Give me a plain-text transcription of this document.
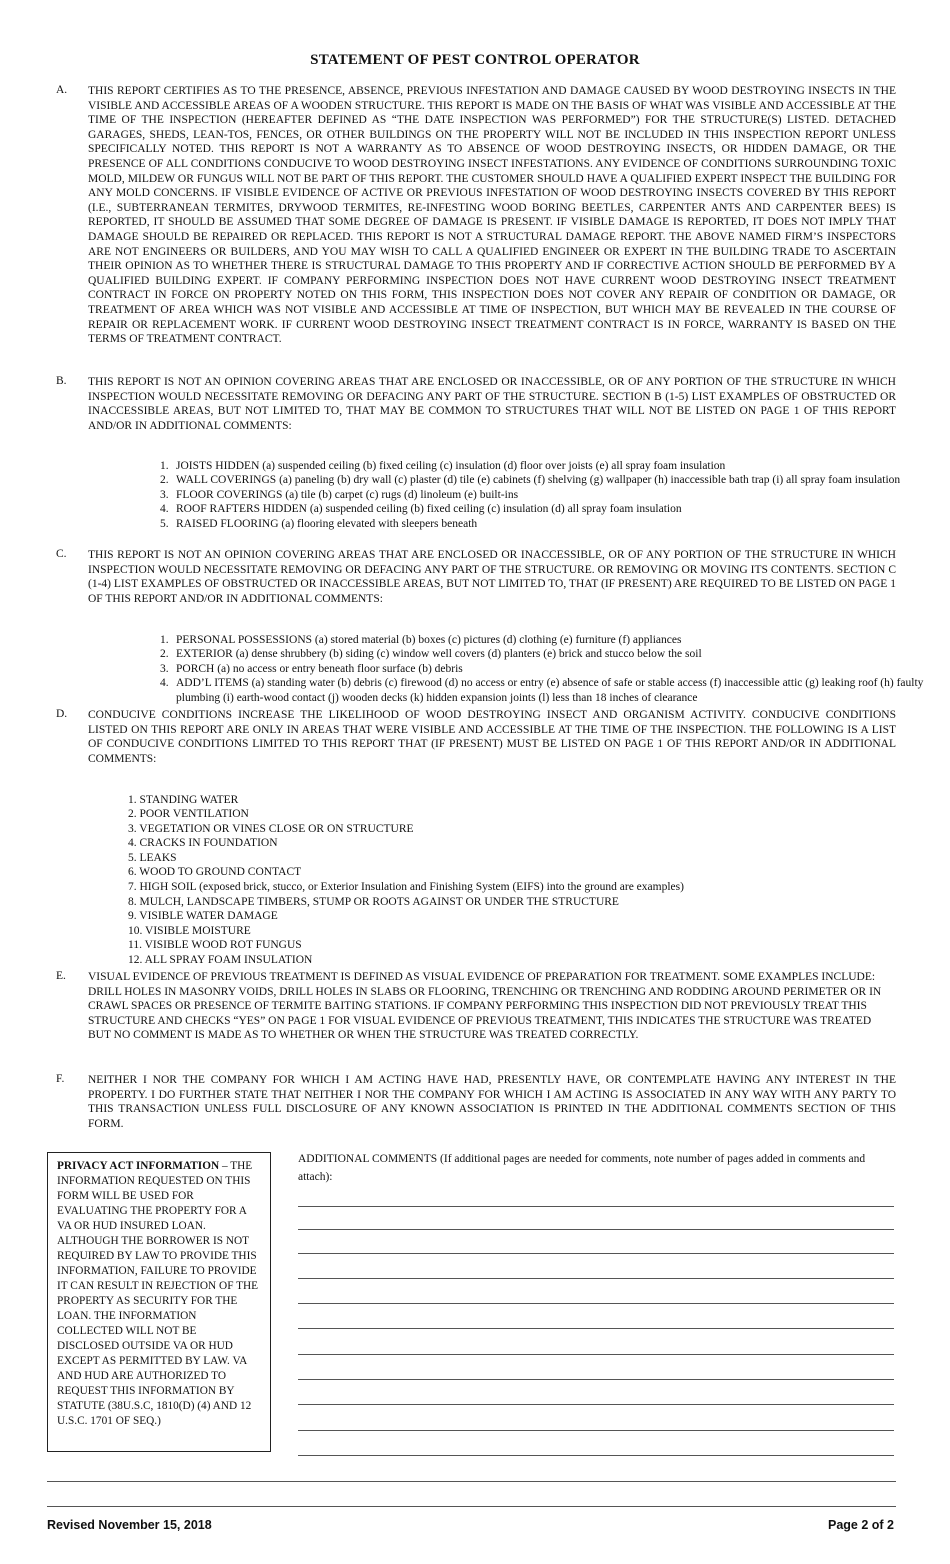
STATEMENT OF PEST CONTROL OPERATOR
A. THIS REPORT CERTIFIES AS TO THE PRESENCE, ABSENCE, PREVIOUS INFESTATION AND DAMAGE CAUSED BY WOOD DESTROYING INSECTS IN THE VISIBLE AND ACCESSIBLE AREAS OF A WOODEN STRUCTURE. THIS REPORT IS MADE ON THE BASIS OF WHAT WAS VISIBLE AND ACCESSIBLE AT THE TIME OF THE INSPECTION (HEREAFTER DEFINED AS “THE DATE INSPECTION WAS PERFORMED”) FOR THE STRUCTURE(S) LISTED. DETACHED GARAGES, SHEDS, LEAN-TOS, FENCES, OR OTHER BUILDINGS ON THE PROPERTY WILL NOT BE INCLUDED IN THIS INSPECTION REPORT UNLESS SPECIFICALLY NOTED. THIS REPORT IS NOT A WARRANTY AS TO ABSENCE OF WOOD DESTROYING INSECTS, OR HIDDEN DAMAGE, OR THE PRESENCE OF ALL CONDITIONS CONDUCIVE TO WOOD DESTROYING INSECT INFESTATIONS. ANY EVIDENCE OF CONDITIONS SURROUNDING TOXIC MOLD, MILDEW OR FUNGUS WILL NOT BE PART OF THIS REPORT. THE CUSTOMER SHOULD HAVE A QUALIFIED EXPERT INSPECT THE BUILDING FOR ANY MOLD CONCERNS. IF VISIBLE EVIDENCE OF ACTIVE OR PREVIOUS INFESTATION OF WOOD DESTROYING INSECTS COVERED BY THIS REPORT (I.E., SUBTERRANEAN TERMITES, DRYWOOD TERMITES, RE-INFESTING WOOD BORING BEETLES, CARPENTER ANTS AND CARPENTER BEES) IS REPORTED, IT SHOULD BE ASSUMED THAT SOME DEGREE OF DAMAGE IS PRESENT. IF VISIBLE DAMAGE IS REPORTED, IT DOES NOT IMPLY THAT DAMAGE SHOULD BE REPAIRED OR REPLACED. THIS REPORT IS NOT A STRUCTURAL DAMAGE REPORT. THE ABOVE NAMED FIRM’S INSPECTORS ARE NOT ENGINEERS OR BUILDERS, AND YOU MAY WISH TO CALL A QUALIFIED ENGINEER OR EXPERT IN THE BUILDING TRADE TO ASCERTAIN THEIR OPINION AS TO WHETHER THERE IS STRUCTURAL DAMAGE TO THIS PROPERTY AND IF CORRECTIVE ACTION SHOULD BE PERFORMED BY A QUALIFIED BUILDING EXPERT. IF COMPANY PERFORMING INSPECTION DOES NOT HAVE CURRENT WOOD DESTROYING INSECT TREATMENT CONTRACT IN FORCE ON PROPERTY NOTED ON THIS FORM, THIS INSPECTION DOES NOT COVER ANY REPAIR OF CONDITION OR DAMAGE, OR TREATMENT OF AREA WHICH WAS NOT VISIBLE AND ACCESSIBLE AT TIME OF INSPECTION, BUT WHICH MAY BE REVEALED IN THE COURSE OF REPAIR OR REPLACEMENT WORK. IF CURRENT WOOD DESTROYING INSECT TREATMENT CONTRACT IS IN FORCE, WARRANTY IS BASED ON THE TERMS OF TREATMENT CONTRACT.
B. THIS REPORT IS NOT AN OPINION COVERING AREAS THAT ARE ENCLOSED OR INACCESSIBLE, OR OF ANY PORTION OF THE STRUCTURE IN WHICH INSPECTION WOULD NECESSITATE REMOVING OR DEFACING ANY PART OF THE STRUCTURE. SECTION B (1-5) LIST EXAMPLES OF OBSTRUCTED OR INACCESSIBLE AREAS, BUT NOT LIMITED TO, THAT MAY BE COMMON TO STRUCTURES THAT WILL NOT BE LISTED ON PAGE 1 OF THIS REPORT AND/OR IN ADDITIONAL COMMENTS:
1. JOISTS HIDDEN (a) suspended ceiling (b) fixed ceiling (c) insulation (d) floor over joists (e) all spray foam insulation
2. WALL COVERINGS (a) paneling (b) dry wall (c) plaster (d) tile (e) cabinets (f) shelving (g) wallpaper (h) inaccessible bath trap (i) all spray foam insulation
3. FLOOR COVERINGS (a) tile (b) carpet (c) rugs (d) linoleum (e) built-ins
4. ROOF RAFTERS HIDDEN (a) suspended ceiling (b) fixed ceiling (c) insulation (d) all spray foam insulation
5. RAISED FLOORING (a) flooring elevated with sleepers beneath
C. THIS REPORT IS NOT AN OPINION COVERING AREAS THAT ARE ENCLOSED OR INACCESSIBLE, OR OF ANY PORTION OF THE STRUCTURE IN WHICH INSPECTION WOULD NECESSITATE REMOVING OR DEFACING ANY PART OF THE STRUCTURE. OR REMOVING OR MOVING ITS CONTENTS. SECTION C (1-4) LIST EXAMPLES OF OBSTRUCTED OR INACCESSIBLE AREAS, BUT NOT LIMITED TO, THAT (IF PRESENT) ARE REQUIRED TO BE LISTED ON PAGE 1 OF THIS REPORT AND/OR IN ADDITIONAL COMMENTS:
1. PERSONAL POSSESSIONS (a) stored material (b) boxes (c) pictures (d) clothing (e) furniture (f) appliances
2. EXTERIOR (a) dense shrubbery (b) siding (c) window well covers (d) planters (e) brick and stucco below the soil
3. PORCH (a) no access or entry beneath floor surface (b) debris
4. ADD’L ITEMS (a) standing water (b) debris (c) firewood (d) no access or entry (e) absence of safe or stable access (f) inaccessible attic (g) leaking roof (h) faulty plumbing (i) earth-wood contact (j) wooden decks (k) hidden expansion joints (l) less than 18 inches of clearance
D. CONDUCIVE CONDITIONS INCREASE THE LIKELIHOOD OF WOOD DESTROYING INSECT AND ORGANISM ACTIVITY. CONDUCIVE CONDITIONS LISTED ON THIS REPORT ARE ONLY IN AREAS THAT WERE VISIBLE AND ACCESSIBLE AT THE TIME OF THE INSPECTION. THE FOLLOWING IS A LIST OF CONDUCIVE CONDITIONS LIMITED TO THIS REPORT THAT (IF PRESENT) MUST BE LISTED ON PAGE 1 OF THIS REPORT AND/OR IN ADDITIONAL COMMENTS:
1. STANDING WATER
2. POOR VENTILATION
3. VEGETATION OR VINES CLOSE OR ON STRUCTURE
4. CRACKS IN FOUNDATION
5. LEAKS
6. WOOD TO GROUND CONTACT
7. HIGH SOIL (exposed brick, stucco, or Exterior Insulation and Finishing System (EIFS) into the ground are examples)
8. MULCH, LANDSCAPE TIMBERS, STUMP OR ROOTS AGAINST OR UNDER THE STRUCTURE
9. VISIBLE WATER DAMAGE
10. VISIBLE MOISTURE
11. VISIBLE WOOD ROT FUNGUS
12. ALL SPRAY FOAM INSULATION
E. VISUAL EVIDENCE OF PREVIOUS TREATMENT IS DEFINED AS VISUAL EVIDENCE OF PREPARATION FOR TREATMENT. SOME EXAMPLES INCLUDE: DRILL HOLES IN MASONRY VOIDS, DRILL HOLES IN SLABS OR FLOORING, TRENCHING OR TRENCHING AND RODDING AROUND PERIMETER OR IN CRAWL SPACES OR PRESENCE OF TERMITE BAITING STATIONS. IF COMPANY PERFORMING THIS INSPECTION DID NOT PREVIOUSLY TREAT THIS STRUCTURE AND CHECKS “YES” ON PAGE 1 FOR VISUAL EVIDENCE OF PREVIOUS TREATMENT, THIS INDICATES THE STRUCTURE WAS TREATED BUT NO COMMENT IS MADE AS TO WHETHER OR WHEN THE STRUCTURE WAS TREATED CORRECTLY.
F. NEITHER I NOR THE COMPANY FOR WHICH I AM ACTING HAVE HAD, PRESENTLY HAVE, OR CONTEMPLATE HAVING ANY INTEREST IN THE PROPERTY. I DO FURTHER STATE THAT NEITHER I NOR THE COMPANY FOR WHICH I AM ACTING IS ASSOCIATED IN ANY WAY WITH ANY PARTY TO THIS TRANSACTION UNLESS FULL DISCLOSURE OF ANY KNOWN ASSOCIATION IS PRINTED IN THE ADDITIONAL COMMENTS SECTION OF THIS FORM.
PRIVACY ACT INFORMATION – THE INFORMATION REQUESTED ON THIS FORM WILL BE USED FOR EVALUATING THE PROPERTY FOR A VA OR HUD INSURED LOAN. ALTHOUGH THE BORROWER IS NOT REQUIRED BY LAW TO PROVIDE THIS INFORMATION, FAILURE TO PROVIDE IT CAN RESULT IN REJECTION OF THE PROPERTY AS SECURITY FOR THE LOAN. THE INFORMATION COLLECTED WILL NOT BE DISCLOSED OUTSIDE VA OR HUD EXCEPT AS PERMITTED BY LAW. VA AND HUD ARE AUTHORIZED TO REQUEST THIS INFORMATION BY STATUTE (38U.S.C, 1810(D) (4) AND 12 U.S.C. 1701 OF SEQ.)
ADDITIONAL COMMENTS (If additional pages are needed for comments, note number of pages added in comments and attach):
Revised November 15, 2018	Page 2 of 2
